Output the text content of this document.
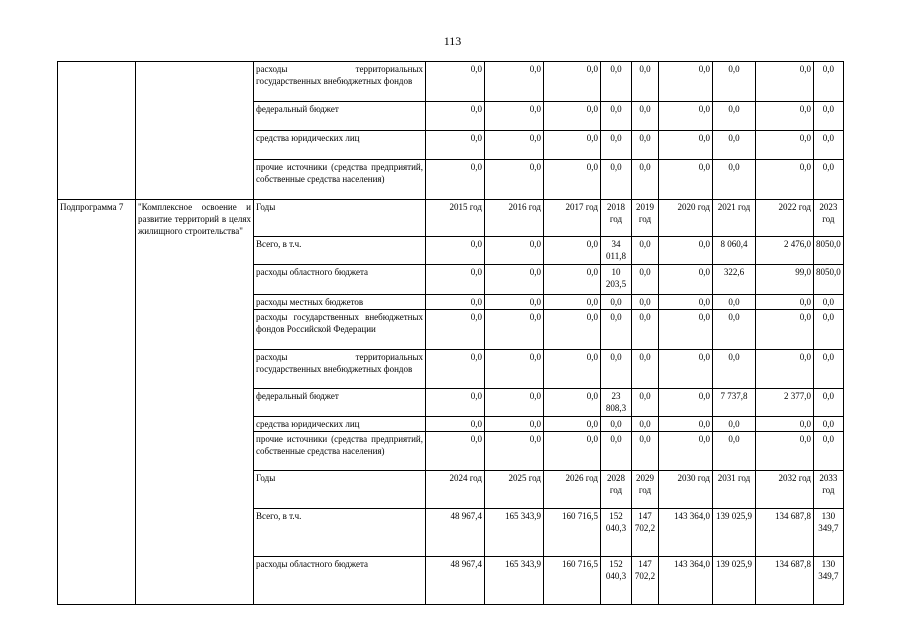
113
		расходы территориальных государственных внебюджетных фондов	0,0	0,0	0,0	0,0	0,0	0,0	0,0	0,0	0,0
		федеральный бюджет	0,0	0,0	0,0	0,0	0,0	0,0	0,0	0,0	0,0
		средства юридических лиц	0,0	0,0	0,0	0,0	0,0	0,0	0,0	0,0	0,0
		прочие источники (средства предприятий, собственные средства населения)	0,0	0,0	0,0	0,0	0,0	0,0	0,0	0,0	0,0
Подпрограмма 7	"Комплексное освоение и развитие территорий в целях жилищного строительства"	Годы	2015 год	2016 год	2017 год	2018 год	2019 год	2020 год	2021 год	2022 год	2023 год
		Всего, в т.ч.	0,0	0,0	0,0	34 011,8	0,0	0,0	8 060,4	2 476,0	8050,0
		расходы областного бюджета	0,0	0,0	0,0	10 203,5	0,0	0,0	322,6	99,0	8050,0
		расходы местных бюджетов	0,0	0,0	0,0	0,0	0,0	0,0	0,0	0,0	0,0
		расходы государственных внебюджетных фондов Российской Федерации	0,0	0,0	0,0	0,0	0,0	0,0	0,0	0,0	0,0
		расходы территориальных государственных внебюджетных фондов	0,0	0,0	0,0	0,0	0,0	0,0	0,0	0,0	0,0
		федеральный бюджет	0,0	0,0	0,0	23 808,3	0,0	0,0	7 737,8	2 377,0	0,0
		средства юридических лиц	0,0	0,0	0,0	0,0	0,0	0,0	0,0	0,0	0,0
		прочие источники (средства предприятий, собственные средства населения)	0,0	0,0	0,0	0,0	0,0	0,0	0,0	0,0	0,0
		Годы	2024 год	2025 год	2026 год	2028 год	2029 год	2030 год	2031 год	2032 год	2033 год
		Всего, в т.ч.	48 967,4	165 343,9	160 716,5	152 040,3	147 702,2	143 364,0	139 025,9	134 687,8	130 349,7
		расходы областного бюджета	48 967,4	165 343,9	160 716,5	152 040,3	147 702,2	143 364,0	139 025,9	134 687,8	130 349,7
